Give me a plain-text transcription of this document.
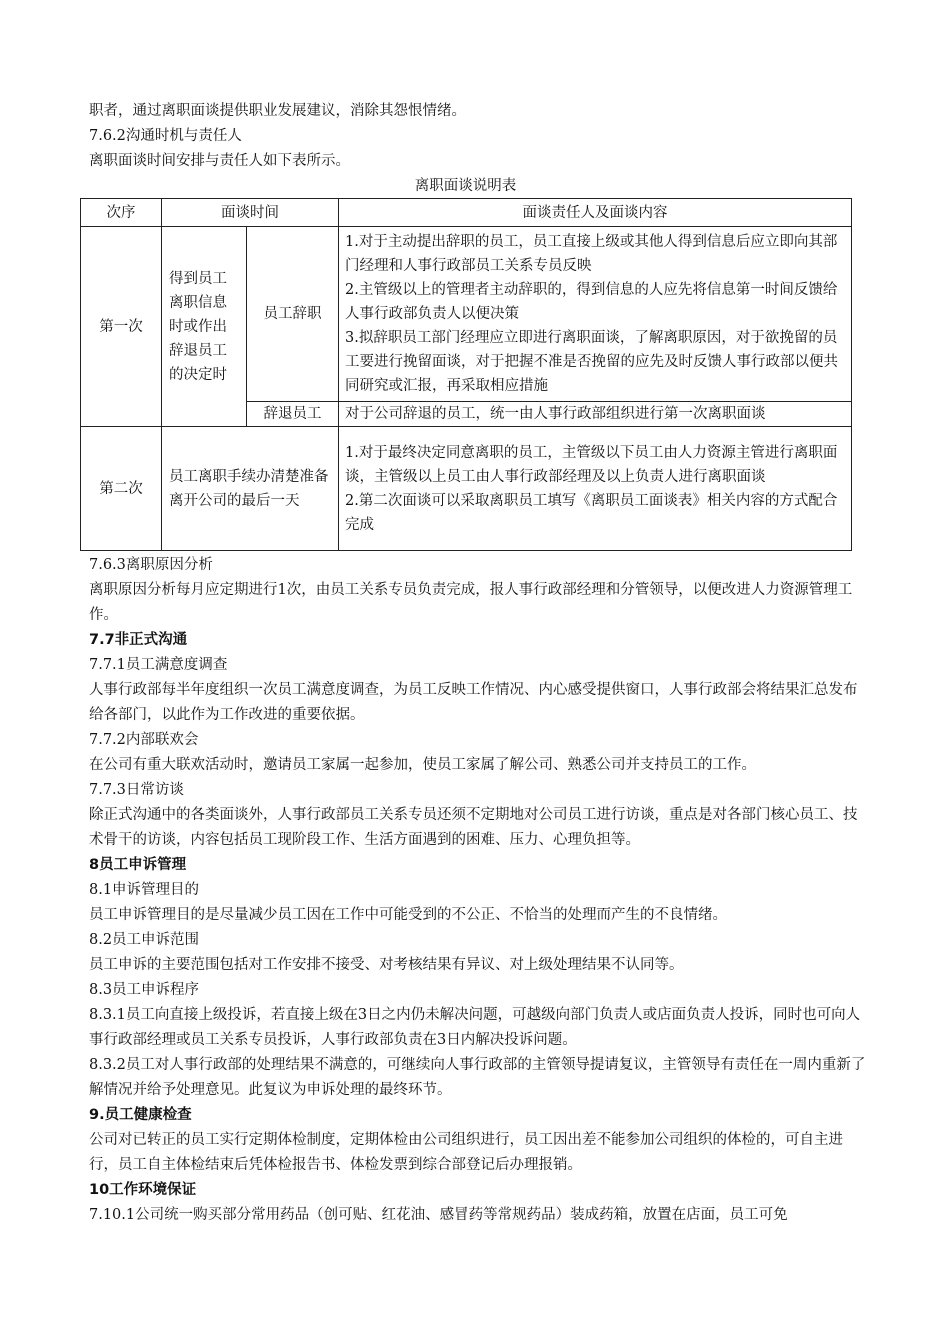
职者，通过离职面谈提供职业发展建议，消除其怨恨情绪。

7.6.2沟通时机与责任人

离职面谈时间安排与责任人如下表所示。

离职面谈说明表
次序	面谈时间		面谈责任人及面谈内容
第一次	得到员工离职信息时或作出辞退员工的决定时	员工辞职	1.对于主动提出辞职的员工，员工直接上级或其他人得到信息后应立即向其部门经理和人事行政部员工关系专员反映
2.主管级以上的管理者主动辞职的，得到信息的人应先将信息第一时间反馈给人事行政部负责人以便决策
3.拟辞职员工部门经理应立即进行离职面谈，了解离职原因，对于欲挽留的员工要进行挽留面谈，对于把握不准是否挽留的应先及时反馈人事行政部以便共同研究或汇报，再采取相应措施

		辞退员工	对于公司辞退的员工，统一由人事行政部组织进行第一次离职面谈
第二次	员工离职手续办清楚准备离开公司的最后一天		1.对于最终决定同意离职的员工，主管级以下员工由人力资源主管进行离职面谈，主管级以上员工由人事行政部经理及以上负责人进行离职面谈
2.第二次面谈可以采取离职员工填写《离职员工面谈表》相关内容的方式配合完成

7.6.3离职原因分析

离职原因分析每月应定期进行1次，由员工关系专员负责完成，报人事行政部经理和分管领导，以便改进人力资源管理工作。

7.7非正式沟通

7.7.1员工满意度调查

人事行政部每半年度组织一次员工满意度调查，为员工反映工作情况、内心感受提供窗口，人事行政部会将结果汇总发布给各部门，以此作为工作改进的重要依据。

7.7.2内部联欢会

在公司有重大联欢活动时，邀请员工家属一起参加，使员工家属了解公司、熟悉公司并支持员工的工作。

7.7.3日常访谈

除正式沟通中的各类面谈外，人事行政部员工关系专员还须不定期地对公司员工进行访谈，重点是对各部门核心员工、技术骨干的访谈，内容包括员工现阶段工作、生活方面遇到的困难、压力、心理负担等。

8员工申诉管理

8.1申诉管理目的

员工申诉管理目的是尽量减少员工因在工作中可能受到的不公正、不恰当的处理而产生的不良情绪。

8.2员工申诉范围

员工申诉的主要范围包括对工作安排不接受、对考核结果有异议、对上级处理结果不认同等。

8.3员工申诉程序

8.3.1员工向直接上级投诉，若直接上级在3日之内仍未解决问题，可越级向部门负责人或店面负责人投诉，同时也可向人事行政部经理或员工关系专员投诉，人事行政部负责在3日内解决投诉问题。

8.3.2员工对人事行政部的处理结果不满意的，可继续向人事行政部的主管领导提请复议，主管领导有责任在一周内重新了解情况并给予处理意见。此复议为申诉处理的最终环节。

9.员工健康检查

公司对已转正的员工实行定期体检制度，定期体检由公司组织进行，员工因出差不能参加公司组织的体检的，可自主进行，员工自主体检结束后凭体检报告书、体检发票到综合部登记后办理报销。

10工作环境保证

7.10.1公司统一购买部分常用药品（创可贴、红花油、感冒药等常规药品）装成药箱，放置在店面，员工可免
